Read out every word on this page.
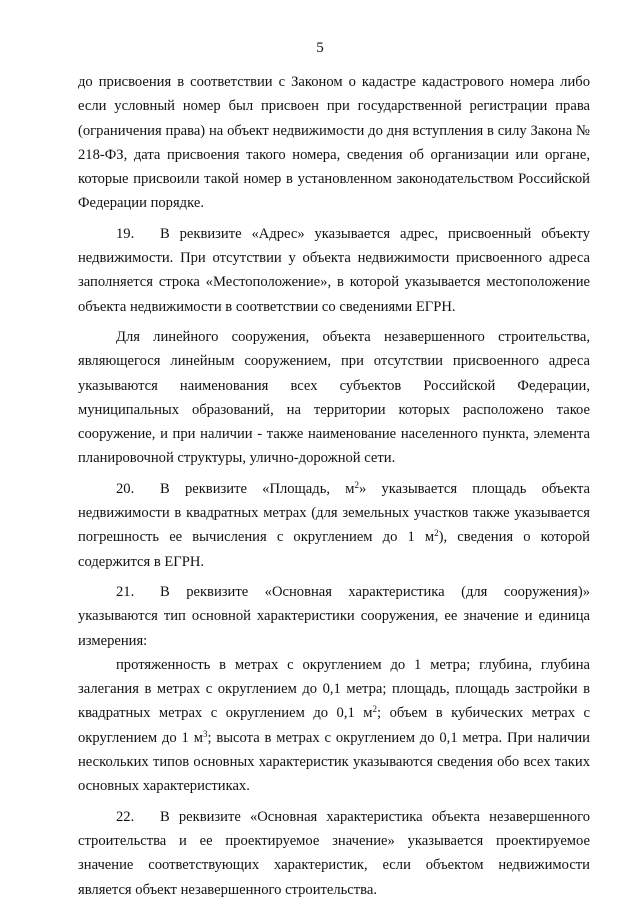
5

до присвоения в соответствии с Законом о кадастре кадастрового номера либо если условный номер был присвоен при государственной регистрации права (ограничения права) на объект недвижимости до дня вступления в силу Закона № 218-ФЗ, дата присвоения такого номера, сведения об организации или органе, которые присвоили такой номер в установленном законодательством Российской Федерации порядке.

19. В реквизите «Адрес» указывается адрес, присвоенный объекту недвижимости. При отсутствии у объекта недвижимости присвоенного адреса заполняется строка «Местоположение», в которой указывается местоположение объекта недвижимости в соответствии со сведениями ЕГРН.

Для линейного сооружения, объекта незавершенного строительства, являющегося линейным сооружением, при отсутствии присвоенного адреса указываются наименования всех субъектов Российской Федерации, муниципальных образований, на территории которых расположено такое сооружение, и при наличии - также наименование населенного пункта, элемента планировочной структуры, улично-дорожной сети.

20. В реквизите «Площадь, $м^2$» указывается площадь объекта недвижимости в квадратных метрах (для земельных участков также указывается погрешность ее вычисления с округлением до 1 $м^2$), сведения о которой содержится в ЕГРН.

21. В реквизите «Основная характеристика (для сооружения)» указываются тип основной характеристики сооружения, ее значение и единица измерения:

протяженность в метрах с округлением до 1 метра; глубина, глубина залегания в метрах с округлением до 0,1 метра; площадь, площадь застройки в квадратных метрах с округлением до 0,1 $м^2$; объем в кубических метрах с округлением до 1 $м^3$; высота в метрах с округлением до 0,1 метра. При наличии нескольких типов основных характеристик указываются сведения обо всех таких основных характеристиках.

22. В реквизите «Основная характеристика объекта незавершенного строительства и ее проектируемое значение» указывается проектируемое значение соответствующих характеристик, если объектом недвижимости является объект незавершенного строительства.
